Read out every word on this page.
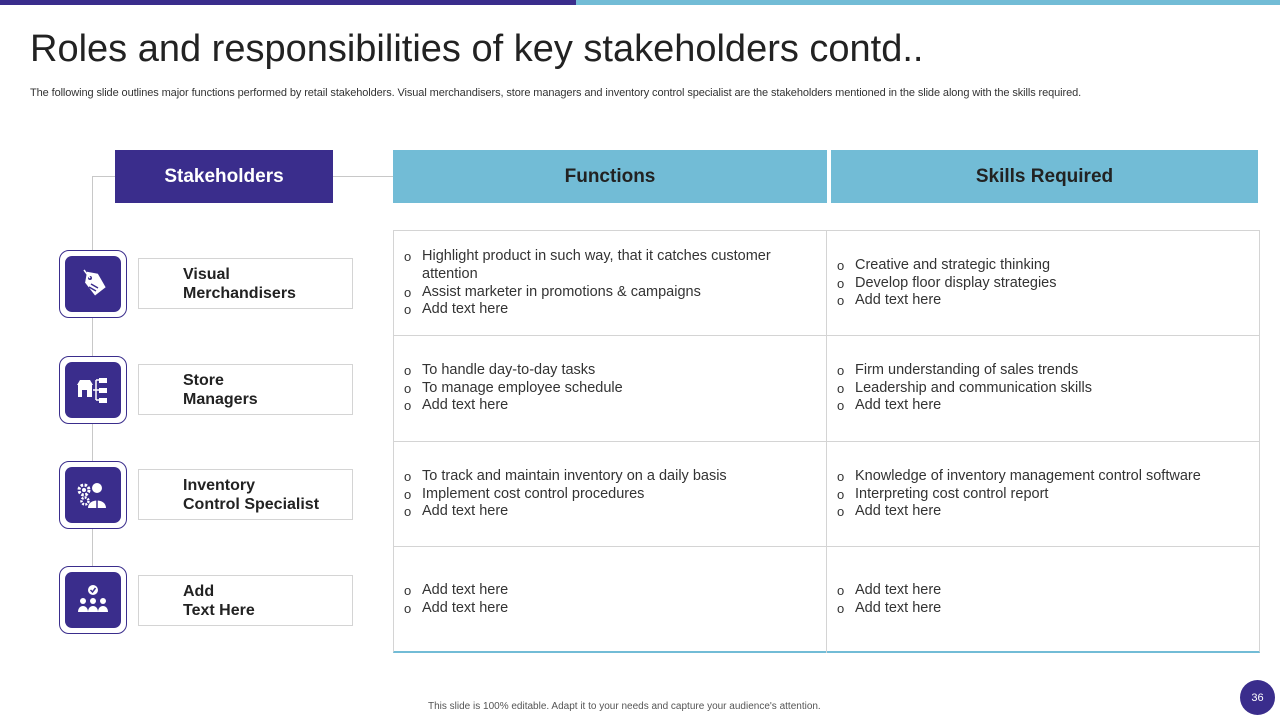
Roles and responsibilities of key stakeholders contd..

The following slide outlines major functions performed by retail stakeholders. Visual merchandisers, store managers and inventory control specialist are the stakeholders mentioned in the slide along with the skills required.

Stakeholders	Functions	Skills Required
Visual
Merchandisers
Store
Managers
Inventory
Control Specialist
Add
Text Here
o Highlight product in such way, that it catches customer attention
o Assist marketer in promotions & campaigns
o Add text here
o Creative and strategic thinking
o Develop floor display strategies
o Add text here
o To handle day-to-day tasks
o To manage employee schedule
o Add text here
o Firm understanding of sales trends
o Leadership and communication skills
o Add text here
o To track and maintain inventory on a daily basis
o Implement cost control procedures
o Add text here
o Knowledge of inventory management control software
o Interpreting cost control report
o Add text here
o Add text here
o Add text here
o Add text here
o Add text here
This slide is 100% editable. Adapt it to your needs and capture your audience's attention.
36
